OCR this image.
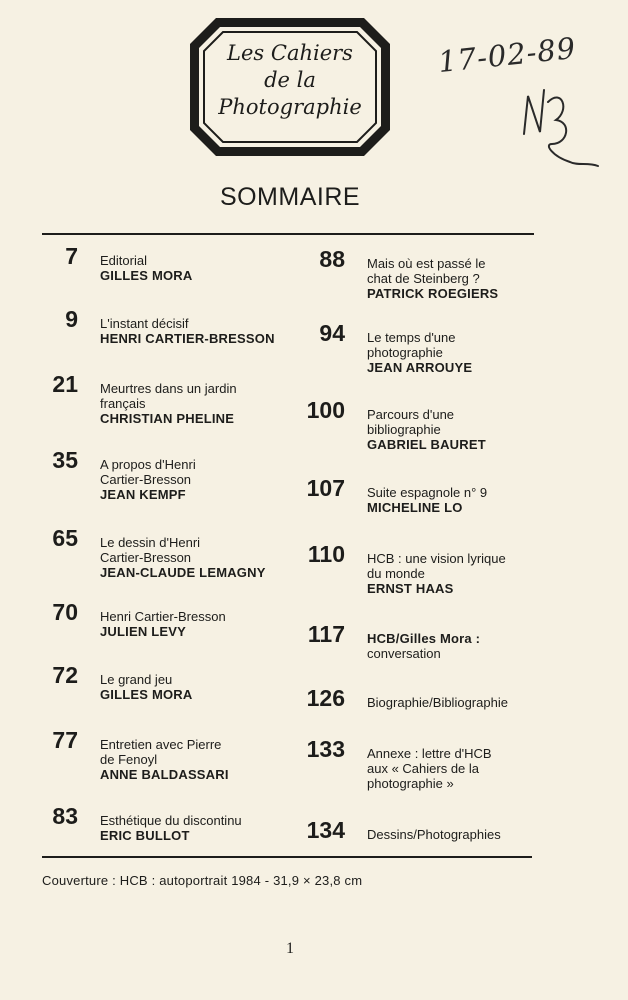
Les Cahiers
de la
Photographie
17-02-89
SOMMAIRE
7 Editorial
GILLES MORA
9 L'instant décisif
HENRI CARTIER-BRESSON
21 Meurtres dans un jardin
français
CHRISTIAN PHELINE
35 A propos d'Henri
Cartier-Bresson
JEAN KEMPF
65 Le dessin d'Henri
Cartier-Bresson
JEAN-CLAUDE LEMAGNY
70 Henri Cartier-Bresson
JULIEN LEVY
72 Le grand jeu
GILLES MORA
77 Entretien avec Pierre
de Fenoyl
ANNE BALDASSARI
83 Esthétique du discontinu
ERIC BULLOT
88 Mais où est passé le
chat de Steinberg ?
PATRICK ROEGIERS
94 Le temps d'une
photographie
JEAN ARROUYE
100 Parcours d'une
bibliographie
GABRIEL BAURET
107 Suite espagnole n° 9
MICHELINE LO
110 HCB : une vision lyrique
du monde
ERNST HAAS
117 HCB/Gilles Mora :
conversation
126 Biographie/Bibliographie
133 Annexe : lettre d'HCB
aux « Cahiers de la
photographie »
134 Dessins/Photographies
Couverture : HCB : autoportrait 1984 - 31,9 × 23,8 cm
1
